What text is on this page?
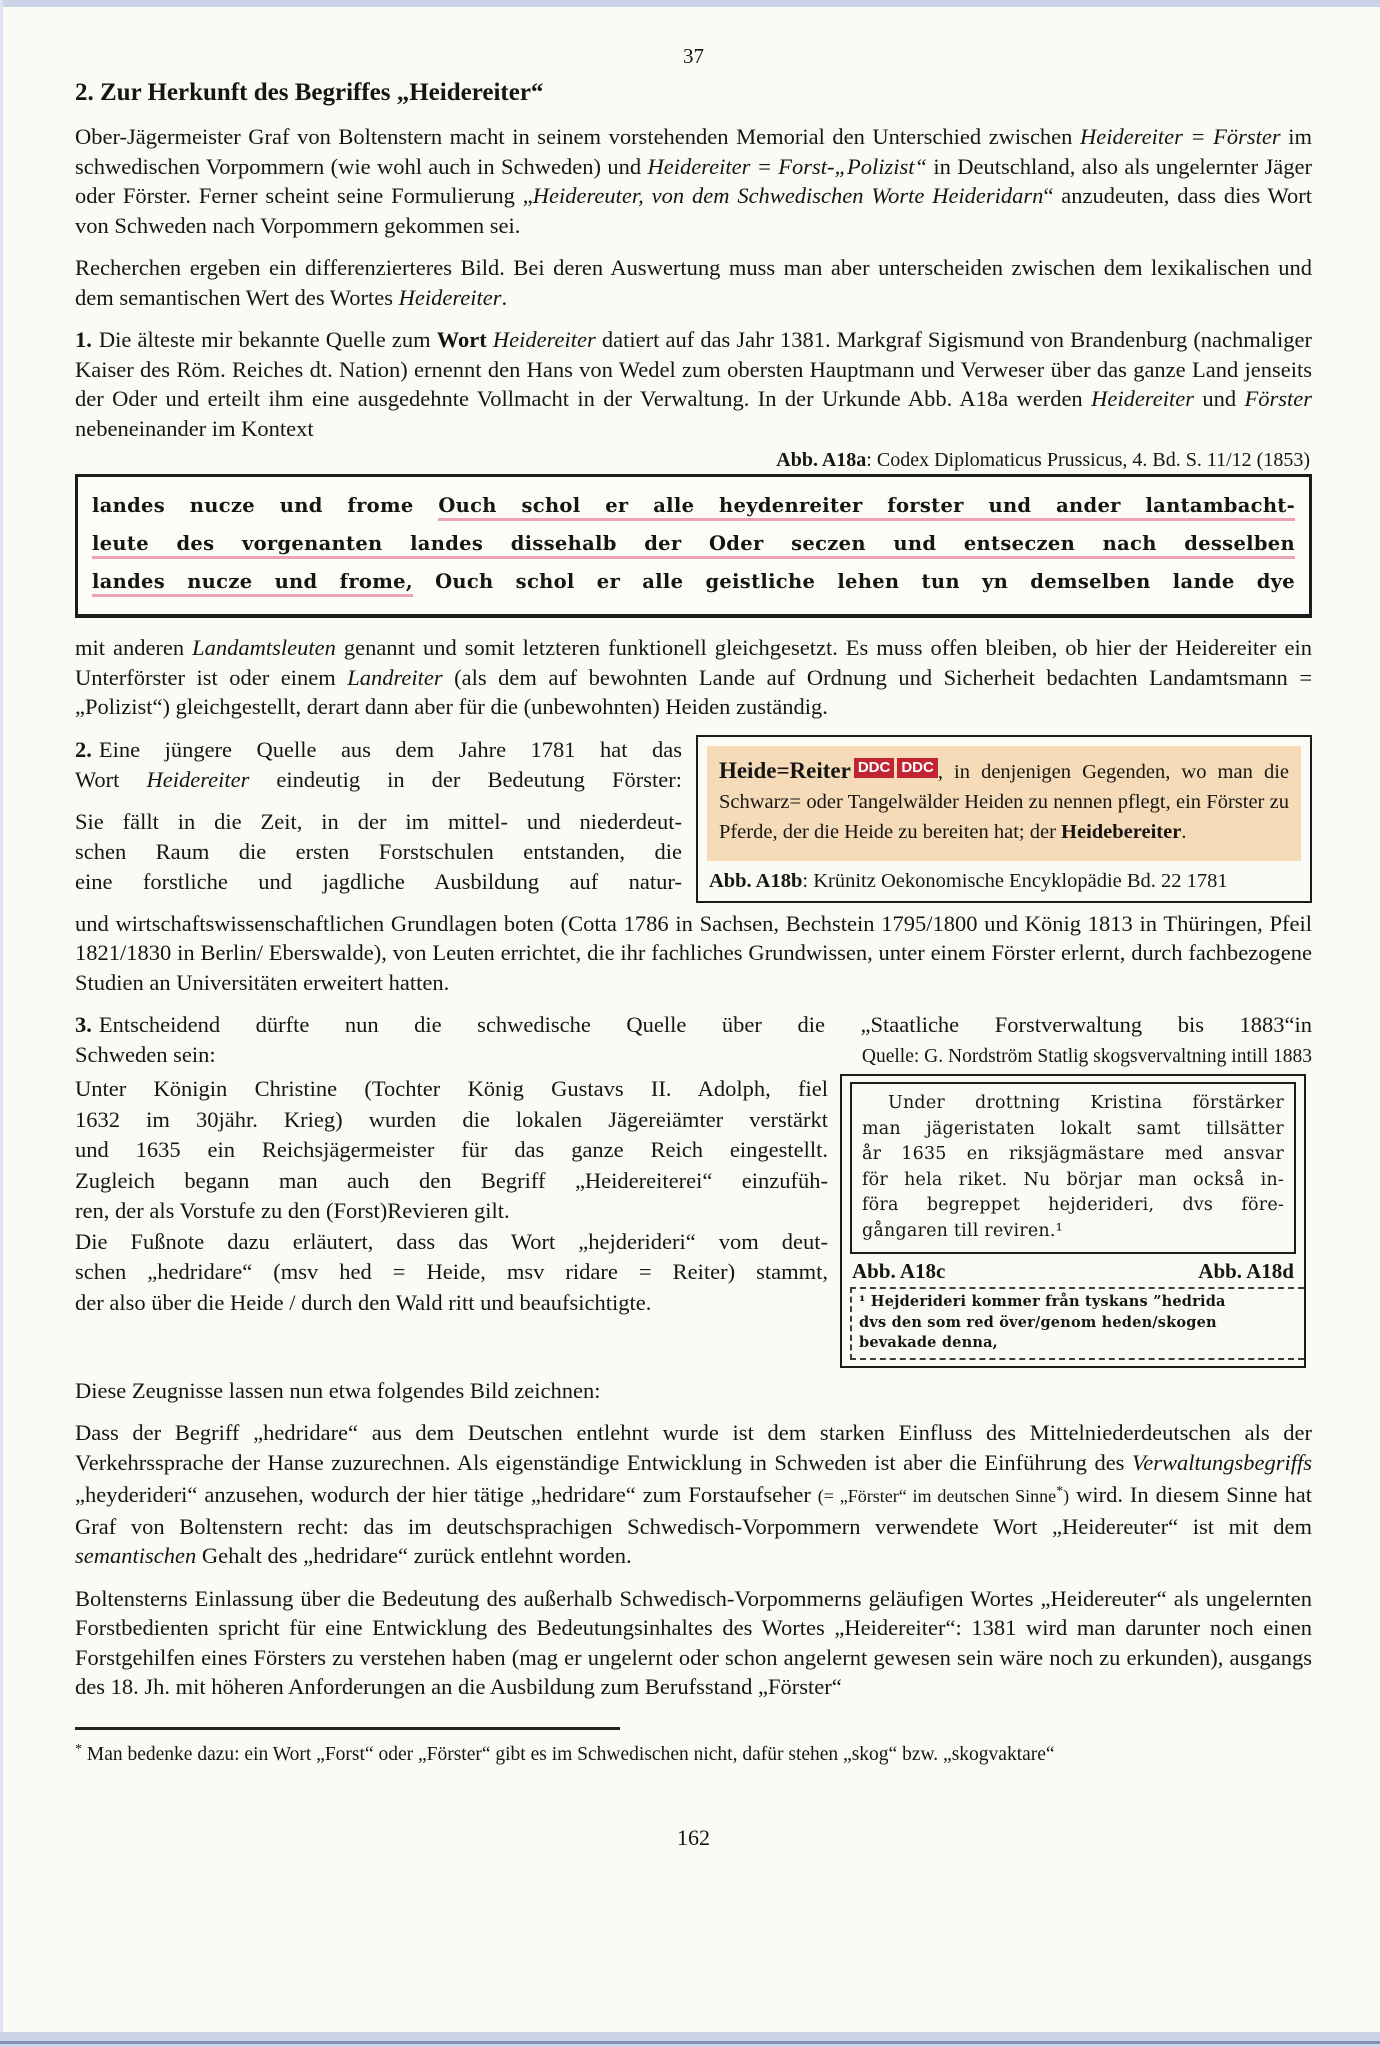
37
2. Zur Herkunft des Begriffes „Heidereiter“

Ober-Jägermeister Graf von Boltenstern macht in seinem vorstehenden Memorial den Unterschied zwischen Heidereiter = Förster im schwedischen Vorpommern (wie wohl auch in Schweden) und Heidereiter = Forst-„Polizist“ in Deutschland, also als ungelernter Jäger oder Förster. Ferner scheint seine Formulierung „Heidereuter, von dem Schwedischen Worte Heideridarn“ anzudeuten, dass dies Wort von Schweden nach Vorpommern gekommen sei.

Recherchen ergeben ein differenzierteres Bild. Bei deren Auswertung muss man aber unterscheiden zwischen dem lexikalischen und dem semantischen Wert des Wortes Heidereiter.

1. Die älteste mir bekannte Quelle zum Wort Heidereiter datiert auf das Jahr 1381. Markgraf Sigismund von Brandenburg (nachmaliger Kaiser des Röm. Reiches dt. Nation) ernennt den Hans von Wedel zum obersten Hauptmann und Verweser über das ganze Land jenseits der Oder und erteilt ihm eine ausgedehnte Vollmacht in der Verwaltung. In der Urkunde Abb. A18a werden Heidereiter und Förster nebeneinander im Kontext

Abb. A18a: Codex Diplomaticus Prussicus, 4. Bd. S. 11/12 (1853)
landes nucze und frome Ouch schol er alle heydenreiter forster und ander lantambacht-
leute des vorgenanten landes dissehalb der Oder seczen und entseczen nach desselben
landes nucze und frome, Ouch schol er alle geistliche lehen tun yn demselben lande dye

mit anderen Landamtsleuten genannt und somit letzteren funktionell gleichgesetzt. Es muss offen bleiben, ob hier der Heidereiter ein Unterförster ist oder einem Landreiter (als dem auf bewohnten Lande auf Ordnung und Sicherheit bedachten Landamtsmann = „Polizist“) gleichgestellt, derart dann aber für die (unbewohnten) Heiden zuständig.

2. Eine jüngere Quelle aus dem Jahre 1781 hat das
Wort Heidereiter eindeutig in der Bedeutung Förster:
Sie fällt in die Zeit, in der im mittel- und niederdeut-
schen Raum die ersten Forstschulen entstanden, die
eine forstliche und jagdliche Ausbildung auf natur-
Heide=Reiter DDC DDC , in denjenigen Gegenden, wo man die Schwarz= oder Tangelwälder Heiden zu nennen pflegt, ein Förster zu Pferde, der die Heide zu bereiten hat; der Heidebereiter.
Abb. A18b: Krünitz Oekonomische Encyklopädie Bd. 22 1781

und wirtschaftswissenschaftlichen Grundlagen boten (Cotta 1786 in Sachsen, Bechstein 1795/1800 und König 1813 in Thüringen, Pfeil 1821/1830 in Berlin/ Eberswalde), von Leuten errichtet, die ihr fachliches Grundwissen, unter einem Förster erlernt, durch fachbezogene Studien an Universitäten erweitert hatten.

3. Entscheidend dürfte nun die schwedische Quelle über die „Staatliche Forstverwaltung bis 1883“in
Schweden sein:	Quelle: G. Nordström Statlig skogsvervaltning intill 1883
Unter Königin Christine (Tochter König Gustavs II. Adolph, fiel
1632 im 30jähr. Krieg) wurden die lokalen Jägereiämter verstärkt
und 1635 ein Reichsjägermeister für das ganze Reich eingestellt.
Zugleich begann man auch den Begriff „Heidereiterei“ einzufüh-
ren, der als Vorstufe zu den (Forst)Revieren gilt.
Die Fußnote dazu erläutert, dass das Wort „hejderideri“ vom deut-
schen „hedridare“ (msv hed = Heide, msv ridare = Reiter) stammt,
der also über die Heide / durch den Wald ritt und beaufsichtigte.
Under drottning Kristina förstärker
man jägeristaten lokalt samt tillsätter
år 1635 en riksjägmästare med ansvar
för hela riket. Nu börjar man också in-
föra begreppet hejderideri, dvs före-
gångaren till reviren.¹
Abb. A18c	Abb. A18d
¹ Hejderideri kommer från tyskans ”hedrida
dvs den som red över/genom heden/skogen
bevakade denna,

Diese Zeugnisse lassen nun etwa folgendes Bild zeichnen:

Dass der Begriff „hedridare“ aus dem Deutschen entlehnt wurde ist dem starken Einfluss des Mittelniederdeutschen als der Verkehrssprache der Hanse zuzurechnen. Als eigenständige Entwicklung in Schweden ist aber die Einführung des Verwaltungsbegriffs „heyderideri“ anzusehen, wodurch der hier tätige „hedridare“ zum Forstaufseher (= „Förster“ im deutschen Sinne*) wird. In diesem Sinne hat Graf von Boltenstern recht: das im deutschsprachigen Schwedisch-Vorpommern verwendete Wort „Heidereuter“ ist mit dem semantischen Gehalt des „hedridare“ zurück entlehnt worden.

Boltensterns Einlassung über die Bedeutung des außerhalb Schwedisch-Vorpommerns geläufigen Wortes „Heidereuter“ als ungelernten Forstbedienten spricht für eine Entwicklung des Bedeutungsinhaltes des Wortes „Heidereiter“: 1381 wird man darunter noch einen Forstgehilfen eines Försters zu verstehen haben (mag er ungelernt oder schon angelernt gewesen sein wäre noch zu erkunden), ausgangs des 18. Jh. mit höheren Anforderungen an die Ausbildung zum Berufsstand „Förster“

* Man bedenke dazu: ein Wort „Forst“ oder „Förster“ gibt es im Schwedischen nicht, dafür stehen „skog“ bzw. „skogvaktare“
162
